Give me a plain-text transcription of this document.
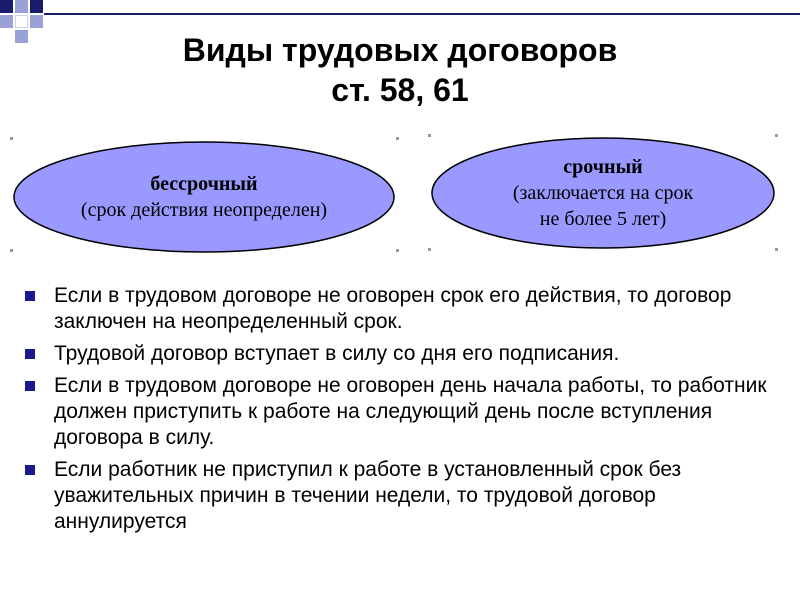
Виды трудовых договоров
ст. 58, 61
бессрочный
(срок действия неопределен)
срочный
(заключается на срок
не более 5 лет)
Если в трудовом договоре не оговорен срок его действия, то договор заключен на неопределенный срок.
Трудовой договор вступает в силу со дня его подписания.
Если в трудовом договоре не оговорен день начала работы, то работник должен приступить к работе на следующий день после вступления договора в силу.
Если работник не приступил к работе в установленный срок без уважительных причин в течении недели, то трудовой договор аннулируется
